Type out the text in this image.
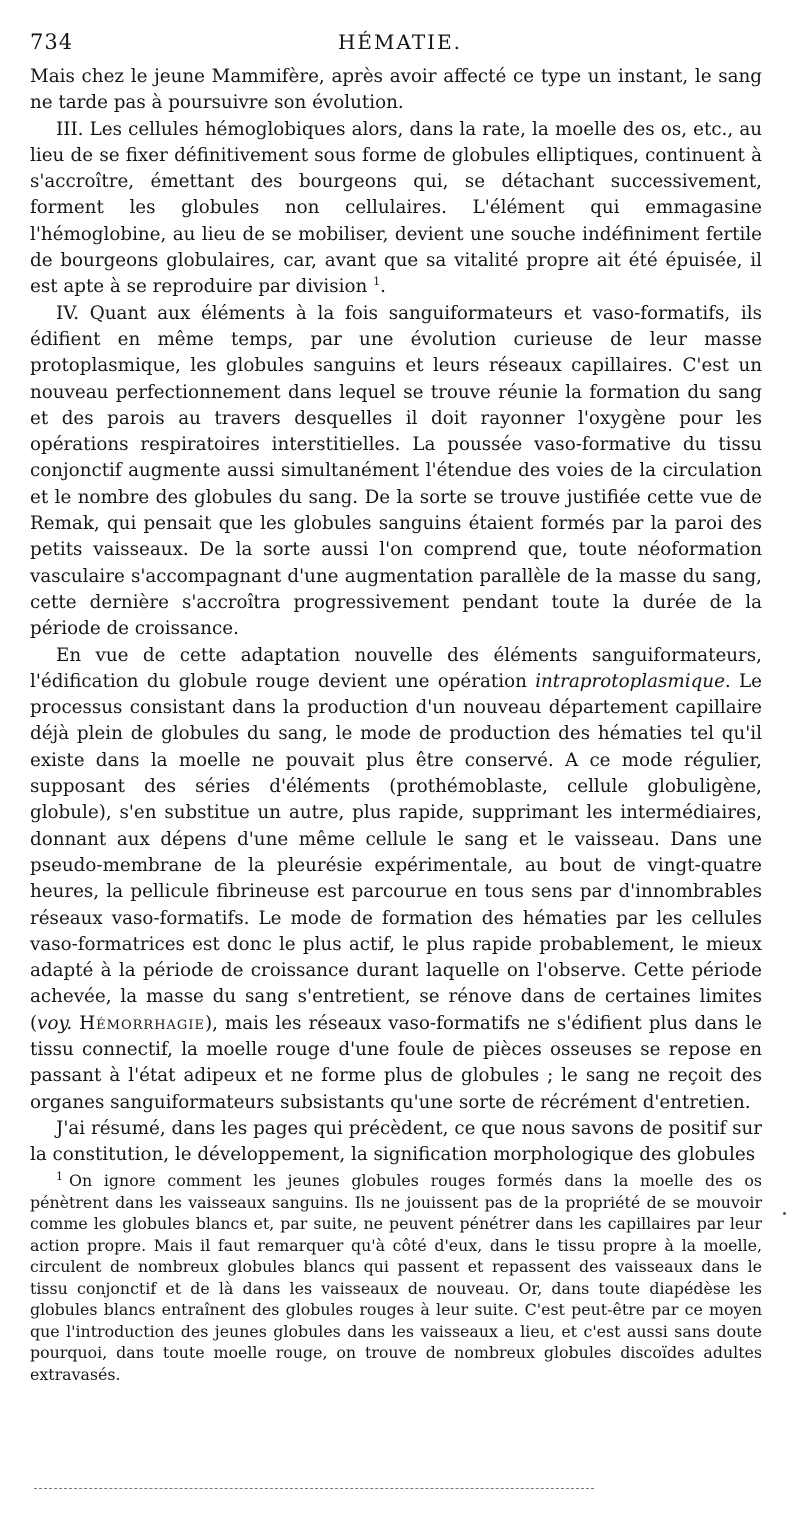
734	HÉMATIE.

Mais chez le jeune Mammifère, après avoir affecté ce type un instant, le sang ne tarde pas à poursuivre son évolution.

III. Les cellules hémoglobiques alors, dans la rate, la moelle des os, etc., au lieu de se fixer définitivement sous forme de globules elliptiques, continuent à s'accroître, émettant des bourgeons qui, se détachant successivement, forment les globules non cellulaires. L'élément qui emmagasine l'hémoglobine, au lieu de se mobiliser, devient une souche indéfiniment fertile de bourgeons globulaires, car, avant que sa vitalité propre ait été épuisée, il est apte à se reproduire par division $^1$.

IV. Quant aux éléments à la fois sanguiformateurs et vaso-formatifs, ils édifient en même temps, par une évolution curieuse de leur masse protoplasmique, les globules sanguins et leurs réseaux capillaires. C'est un nouveau perfectionnement dans lequel se trouve réunie la formation du sang et des parois au travers desquelles il doit rayonner l'oxygène pour les opérations respiratoires interstitielles. La poussée vaso-formative du tissu conjonctif augmente aussi simultanément l'étendue des voies de la circulation et le nombre des globules du sang. De la sorte se trouve justifiée cette vue de Remak, qui pensait que les globules sanguins étaient formés par la paroi des petits vaisseaux. De la sorte aussi l'on comprend que, toute néoformation vasculaire s'accompagnant d'une augmentation parallèle de la masse du sang, cette dernière s'accroîtra progressivement pendant toute la durée de la période de croissance.

En vue de cette adaptation nouvelle des éléments sanguiformateurs, l'édification du globule rouge devient une opération intraprotoplasmique. Le processus consistant dans la production d'un nouveau département capillaire déjà plein de globules du sang, le mode de production des hématies tel qu'il existe dans la moelle ne pouvait plus être conservé. A ce mode régulier, supposant des séries d'éléments (prothémoblaste, cellule globuligène, globule), s'en substitue un autre, plus rapide, supprimant les intermédiaires, donnant aux dépens d'une même cellule le sang et le vaisseau. Dans une pseudo-membrane de la pleurésie expérimentale, au bout de vingt-quatre heures, la pellicule fibrineuse est parcourue en tous sens par d'innombrables réseaux vaso-formatifs. Le mode de formation des hématies par les cellules vaso-formatrices est donc le plus actif, le plus rapide probablement, le mieux adapté à la période de croissance durant laquelle on l'observe. Cette période achevée, la masse du sang s'entretient, se rénove dans de certaines limites (voy. Hémorrhagie), mais les réseaux vaso-formatifs ne s'édifient plus dans le tissu connectif, la moelle rouge d'une foule de pièces osseuses se repose en passant à l'état adipeux et ne forme plus de globules ; le sang ne reçoit des organes sanguiformateurs subsistants qu'une sorte de récrément d'entretien.

J'ai résumé, dans les pages qui précèdent, ce que nous savons de positif sur la constitution, le développement, la signification morphologique des globules

$^1$ On ignore comment les jeunes globules rouges formés dans la moelle des os pénètrent dans les vaisseaux sanguins. Ils ne jouissent pas de la propriété de se mouvoir comme les globules blancs et, par suite, ne peuvent pénétrer dans les capillaires par leur action propre. Mais il faut remarquer qu'à côté d'eux, dans le tissu propre à la moelle, circulent de nombreux globules blancs qui passent et repassent des vaisseaux dans le tissu conjonctif et de là dans les vaisseaux de nouveau. Or, dans toute diapédèse les globules blancs entraînent des globules rouges à leur suite. C'est peut-être par ce moyen que l'introduction des jeunes globules dans les vaisseaux a lieu, et c'est aussi sans doute pourquoi, dans toute moelle rouge, on trouve de nombreux globules discoïdes adultes extravasés.
